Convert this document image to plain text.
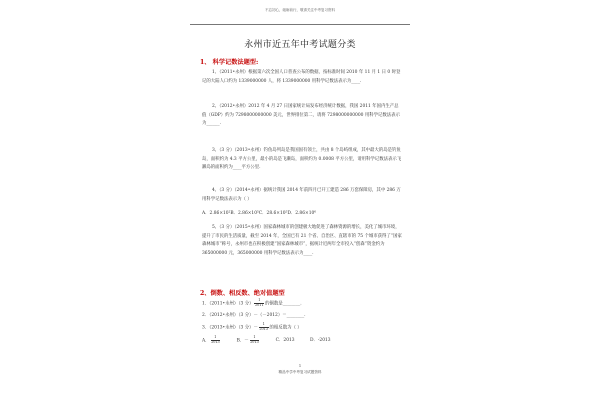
不忘初心，砥砺前行，敬请关注中考复习资料
永州市近五年中考试题分类
1、 科学记数法题型:

1、（2011•永州）根据第六次全国人口普查公布的数据，按标准时间 2010 年 11 月 1 日 0 时登记的大陆人口约为 1339000000 人，将 1339000000 用科学记数法表示为____.

2、（2012•永州）2012 年 4 月 27 日国家统计局发布经济统计数据，我国 2011 年国内生产总值（GDP）约为 7298000000000 美元，世界排位第二，请将 7298000000000 用科学记数法表示为______.

3、（3 分）（2013•永州）钓鱼岛列岛是我国固有领土，共由 8 个岛屿组成，其中最大的岛是钓鱼岛，面积约为 4.3 平方公里，最小的岛是飞濑岛，面积约为 0.0008 平方公里，请用科学记数法表示飞濑岛的面积约为____平方公里.

4、（3 分）（2014•永州）据统计我国 2014 年前四月已开工建造 286 万套保障房，其中 286 万用科学记数法表示为（ ）

A．2.86×10²B．2.86×10⁵C．28.6×10⁵D．2.86×10⁶

5、（3 分）（2015•永州）国家森林城市的创建极大地促进了森林资源的增长，美化了城市环境，提升了市民的生活质量，截至 2014 年，全国已有 21 个省、自治区、直辖市的 75 个城市获得了“国家森林城市”称号，永州市也在积极创建“国家森林城市”，据统计近两年全市投入“创森”资金约为 365000000 元，365000000 用科学记数法表示为____.

2、倒数、相反数、绝对值题型
1．（2011•永州）（3 分） $\frac{1}{2011}$ 的倒数是________.
2．（2012•永州）（3 分）－（－2012）＝________.
3．（2013•永州）（3 分）－ $\frac{1}{2013}$ 的相反数为（ ）
A． $\frac{1}{2013}$	B．－ $\frac{1}{2013}$	C．2013	D．-2013
1
精品中学中考复习试题资料
